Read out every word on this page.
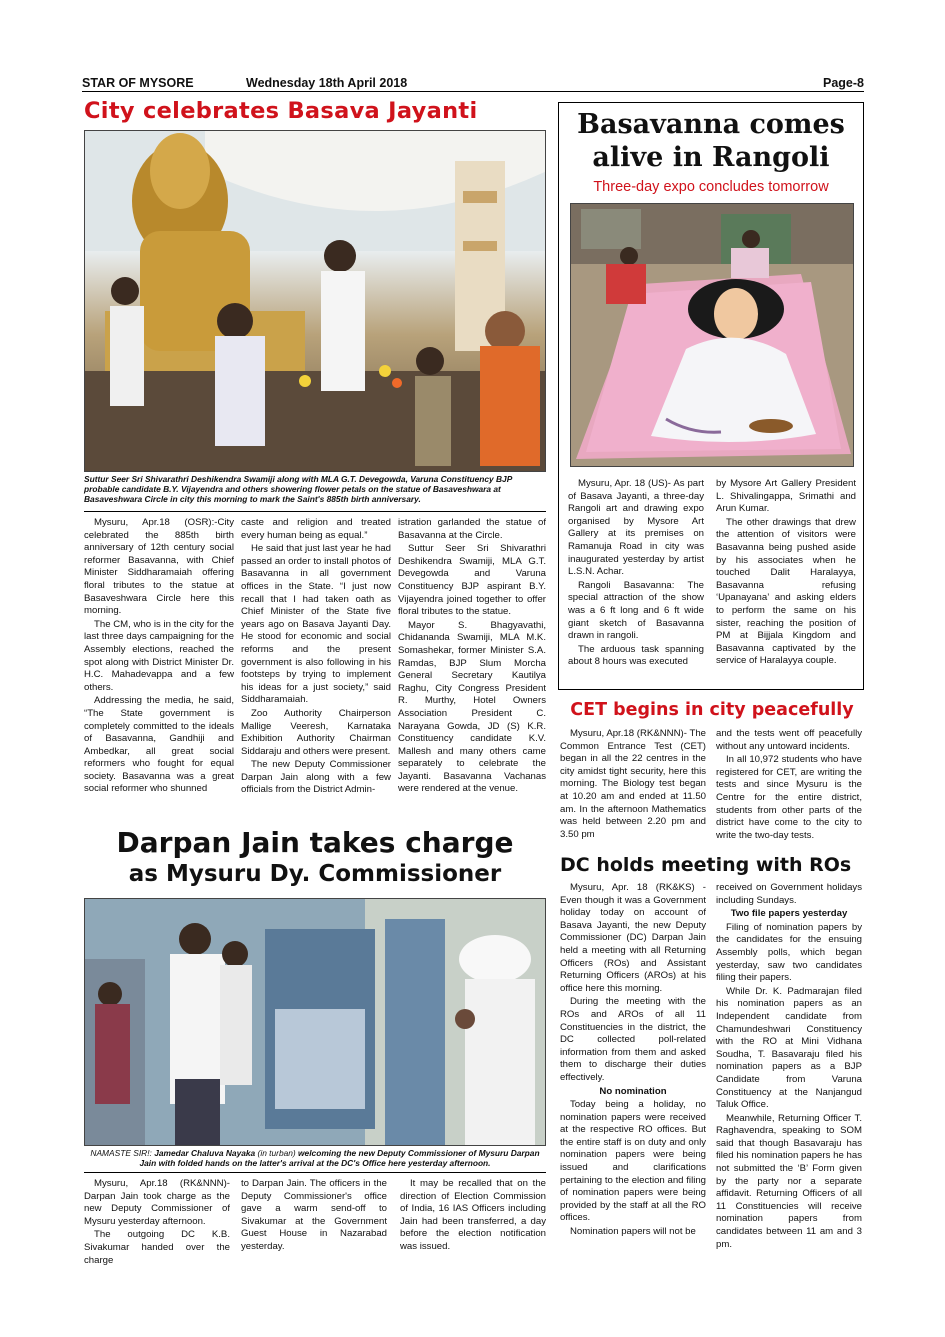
STAR OF MYSORE	Wednesday 18th April 2018	Page-8
City celebrates Basava Jayanti
Suttur Seer Sri Shivarathri Deshikendra Swamiji along with MLA G.T. Devegowda, Varuna Constituency BJP probable candidate B.Y. Vijayendra and others showering flower petals on the statue of Basaveshwara at Basaveshwara Circle in city this morning to mark the Saint's 885th birth anniversary.

Mysuru, Apr.18 (OSR):-City celebrated the 885th birth anniversary of 12th century social reformer Basavanna, with Chief Minister Siddharamaiah offering floral tributes to the statue at Basaveshwara Circle here this morning.

The CM, who is in the city for the last three days campaigning for the Assembly elections, reached the spot along with District Minister Dr. H.C. Mahadevappa and a few others.

Addressing the media, he said, “The State government is completely committed to the ideals of Basavanna, Gandhiji and Ambedkar, all great social reformers who fought for equal society. Basavanna was a great social reformer who shunned

caste and religion and treated every human being as equal.”

He said that just last year he had passed an order to install photos of Basavanna in all government offices in the State. “I just now recall that I had taken oath as Chief Minister of the State five years ago on Basava Jayanti Day. He stood for economic and social reforms and the present government is also following in his footsteps by trying to implement his ideas for a just society,” said Siddharamaiah.

Zoo Authority Chairperson Mallige Veeresh, Karnataka Exhibition Authority Chairman Siddaraju and others were present.

The new Deputy Commissioner Darpan Jain along with a few officials from the District Admin-

istration garlanded the statue of Basavanna at the Circle.

Suttur Seer Sri Shivarathri Deshikendra Swamiji, MLA G.T. Devegowda and Varuna Constituency BJP aspirant B.Y. Vijayendra joined together to offer floral tributes to the statue.

Mayor S. Bhagyavathi, Chidananda Swamiji, MLA M.K. Somashekar, former Minister S.A. Ramdas, BJP Slum Morcha General Secretary Kautilya Raghu, City Congress President R. Murthy, Hotel Owners Association President C. Narayana Gowda, JD (S) K.R. Constituency candidate K.V. Mallesh and many others came separately to celebrate the Jayanti. Basavanna Vachanas were rendered at the venue.

Basavanna comes
alive in Rangoli
Three-day expo concludes tomorrow

Mysuru, Apr. 18 (US)- As part of Basava Jayanti, a three-day Rangoli art and drawing expo organised by Mysore Art Gallery at its premises on Ramanuja Road in city was inaugurated yesterday by artist L.S.N. Achar.

Rangoli Basavanna: The special attraction of the show was a 6 ft long and 6 ft wide giant sketch of Basavanna drawn in rangoli.

The arduous task spanning about 8 hours was executed

by Mysore Art Gallery President L. Shivalingappa, Srimathi and Arun Kumar.

The other drawings that drew the attention of visitors were Basavanna being pushed aside by his associates when he touched Dalit Haralayya, Basavanna refusing ‘Upanayana’ and asking elders to perform the same on his sister, reaching the position of PM at Bijjala Kingdom and Basavanna captivated by the service of Haralayya couple.

CET begins in city peacefully

Mysuru, Apr.18 (RK&NNN)- The Common Entrance Test (CET) began in all the 22 centres in the city amidst tight security, here this morning. The Biology test began at 10.20 am and ended at 11.50 am. In the afternoon Mathematics was held between 2.20 pm and 3.50 pm

and the tests went off peacefully without any untoward incidents.

In all 10,972 students who have registered for CET, are writing the tests and since Mysuru is the Centre for the entire district, students from other parts of the district have come to the city to write the two-day tests.

Darpan Jain takes charge
as Mysuru Dy. Commissioner
NAMASTE SIR!: Jamedar Chaluva Nayaka (in turban) welcoming the new Deputy Commissioner of Mysuru Darpan Jain with folded hands on the latter's arrival at the DC's Office here yesterday afternoon.

Mysuru, Apr.18 (RK&NNN)- Darpan Jain took charge as the new Deputy Commissioner of Mysuru yesterday afternoon.

The outgoing DC K.B. Sivakumar handed over the charge

to Darpan Jain. The officers in the Deputy Commissioner's office gave a warm send-off to Sivakumar at the Government Guest House in Nazarabad yesterday.

It may be recalled that on the direction of Election Commission of India, 16 IAS Officers including Jain had been transferred, a day before the election notification was issued.

DC holds meeting with ROs

Mysuru, Apr. 18 (RK&KS) - Even though it was a Government holiday today on account of Basava Jayanti, the new Deputy Commissioner (DC) Darpan Jain held a meeting with all Returning Officers (ROs) and Assistant Returning Officers (AROs) at his office here this morning.

During the meeting with the ROs and AROs of all 11 Constituencies in the district, the DC collected poll-related information from them and asked them to discharge their duties effectively.

No nomination

Today being a holiday, no nomination papers were received at the respective RO offices. But the entire staff is on duty and only nomination papers were being issued and clarifications pertaining to the election and filing of nomination papers were being provided by the staff at all the RO offices.

Nomination papers will not be

received on Government holidays including Sundays.

Two file papers yesterday

Filing of nomination papers by the candidates for the ensuing Assembly polls, which began yesterday, saw two candidates filing their papers.

While Dr. K. Padmarajan filed his nomination papers as an Independent candidate from Chamundeshwari Constituency with the RO at Mini Vidhana Soudha, T. Basavaraju filed his nomination papers as a BJP Candidate from Varuna Constituency at the Nanjangud Taluk Office.

Meanwhile, Returning Officer T. Raghavendra, speaking to SOM said that though Basavaraju has filed his nomination papers he has not submitted the ‘B’ Form given by the party nor a separate affidavit. Returning Officers of all 11 Constituencies will receive nomination papers from candidates between 11 am and 3 pm.
